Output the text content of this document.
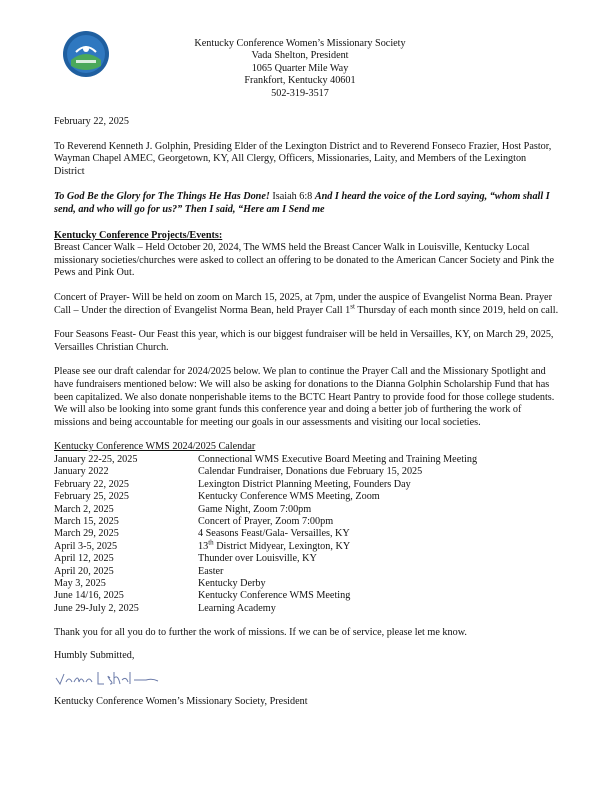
Kentucky Conference Women’s Missionary Society
Vada Shelton, President
1065 Quarter Mile Way
Frankfort, Kentucky 40601
502-319-3517

February 22, 2025

To Reverend Kenneth J. Golphin, Presiding Elder of the Lexington District and to Reverend Fonseco Frazier, Host Pastor, Wayman Chapel AMEC, Georgetown, KY, All Clergy, Officers, Missionaries, Laity, and Members of the Lexington District

To God Be the Glory for The Things He Has Done! Isaiah 6:8 And I heard the voice of the Lord saying, “whom shall I send, and who will go for us?” Then I said, “Here am I Send me

Kentucky Conference Projects/Events:

Breast Cancer Walk – Held October 20, 2024, The WMS held the Breast Cancer Walk in Louisville, Kentucky Local missionary societies/churches were asked to collect an offering to be donated to the American Cancer Society and Pink the Pews and Pink Out.

Concert of Prayer- Will be held on zoom on March 15, 2025, at 7pm, under the auspice of Evangelist Norma Bean. Prayer Call – Under the direction of Evangelist Norma Bean, held Prayer Call 1st Thursday of each month since 2019, held on call.

Four Seasons Feast- Our Feast this year, which is our biggest fundraiser will be held in Versailles, KY, on March 29, 2025, Versailles Christian Church.

Please see our draft calendar for 2024/2025 below. We plan to continue the Prayer Call and the Missionary Spotlight and have fundraisers mentioned below: We will also be asking for donations to the Dianna Golphin Scholarship Fund that has been capitalized. We also donate nonperishable items to the BCTC Heart Pantry to provide food for those college students. We will also be looking into some grant funds this conference year and doing a better job of furthering the work of missions and being accountable for meeting our goals in our assessments and visiting our local societies.

Kentucky Conference WMS 2024/2025 Calendar
January 22-25, 2025	Connectional WMS Executive Board Meeting and Training Meeting
January 2022	Calendar Fundraiser, Donations due February 15, 2025
February 22, 2025	Lexington District Planning Meeting, Founders Day
February 25, 2025	Kentucky Conference WMS Meeting, Zoom
March 2, 2025	Game Night, Zoom 7:00pm
March 15, 2025	Concert of Prayer, Zoom 7:00pm
March 29, 2025	4 Seasons Feast/Gala- Versailles, KY
April 3-5, 2025	13th District Midyear, Lexington, KY
April 12, 2025	Thunder over Louisville, KY
April 20, 2025	Easter
May 3, 2025	Kentucky Derby
June 14/16, 2025	Kentucky Conference WMS Meeting
June 29-July 2, 2025	Learning Academy

Thank you for all you do to further the work of missions. If we can be of service, please let me know.

Humbly Submitted,

Kentucky Conference Women’s Missionary Society, President
